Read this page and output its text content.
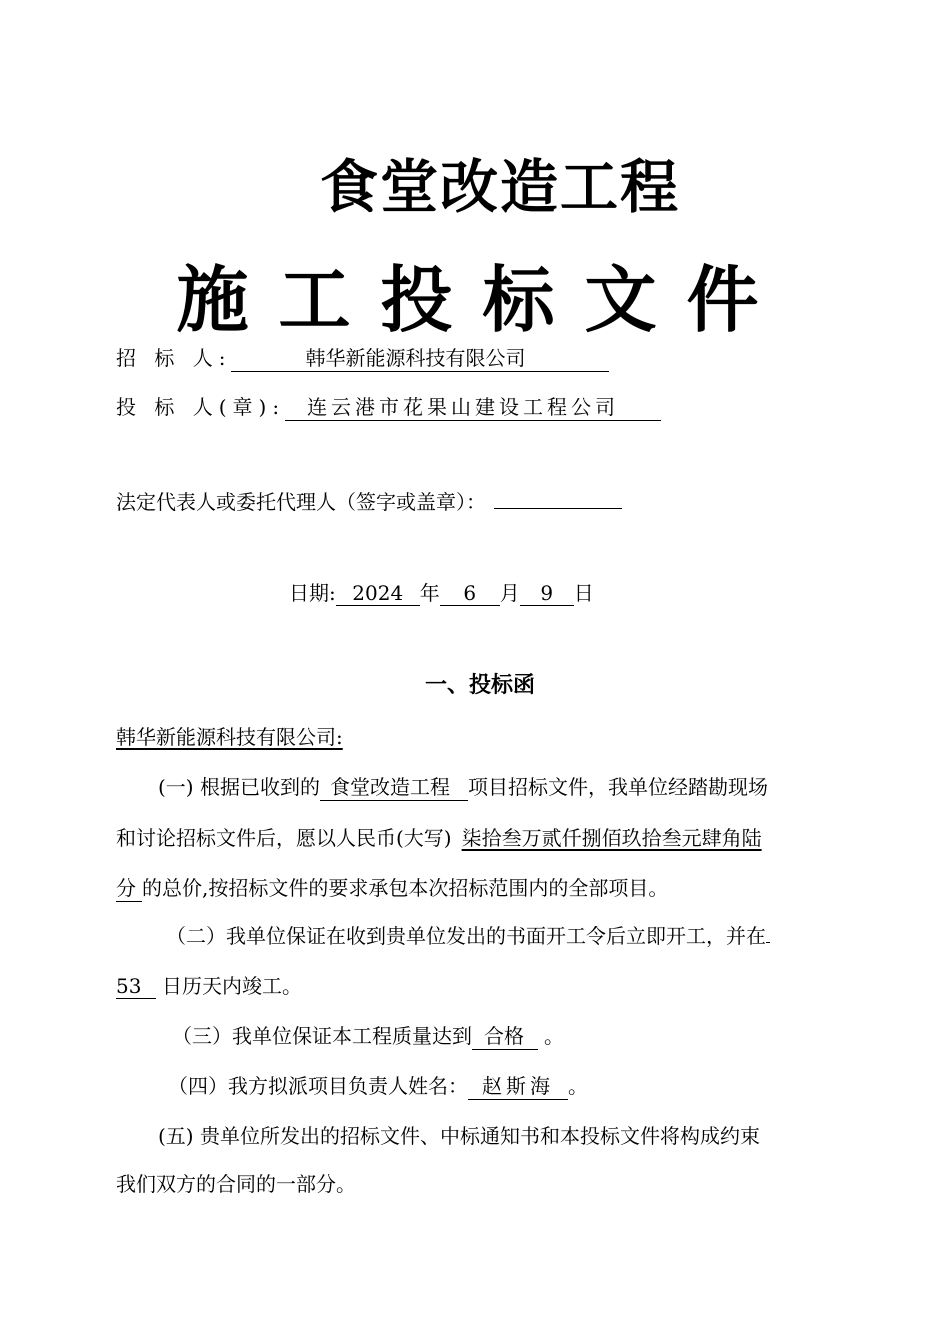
食堂改造工程
施工投标文件
招 标 人:	韩华新能源科技有限公司
投 标 人(章): 连云港市花果山建设工程公司
法定代表人或委托代理人（签字或盖章）：
日期: 2024 年 6 月 9 日
一、投标函
韩华新能源科技有限公司:
(一) 根据已收到的 食堂改造工程 项目招标文件，我单位经踏勘现场
和讨论招标文件后，愿以人民币(大写) 柒拾叁万贰仟捌佰玖拾叁元肆角陆
分 的总价,按招标文件的要求承包本次招标范围内的全部项目。
（二）我单位保证在收到贵单位发出的书面开工令后立即开工，并在
53 日历天内竣工。
（三）我单位保证本工程质量达到 合格 。
（四）我方拟派项目负责人姓名： 赵斯海 。
(五) 贵单位所发出的招标文件、中标通知书和本投标文件将构成约束
我们双方的合同的一部分。
